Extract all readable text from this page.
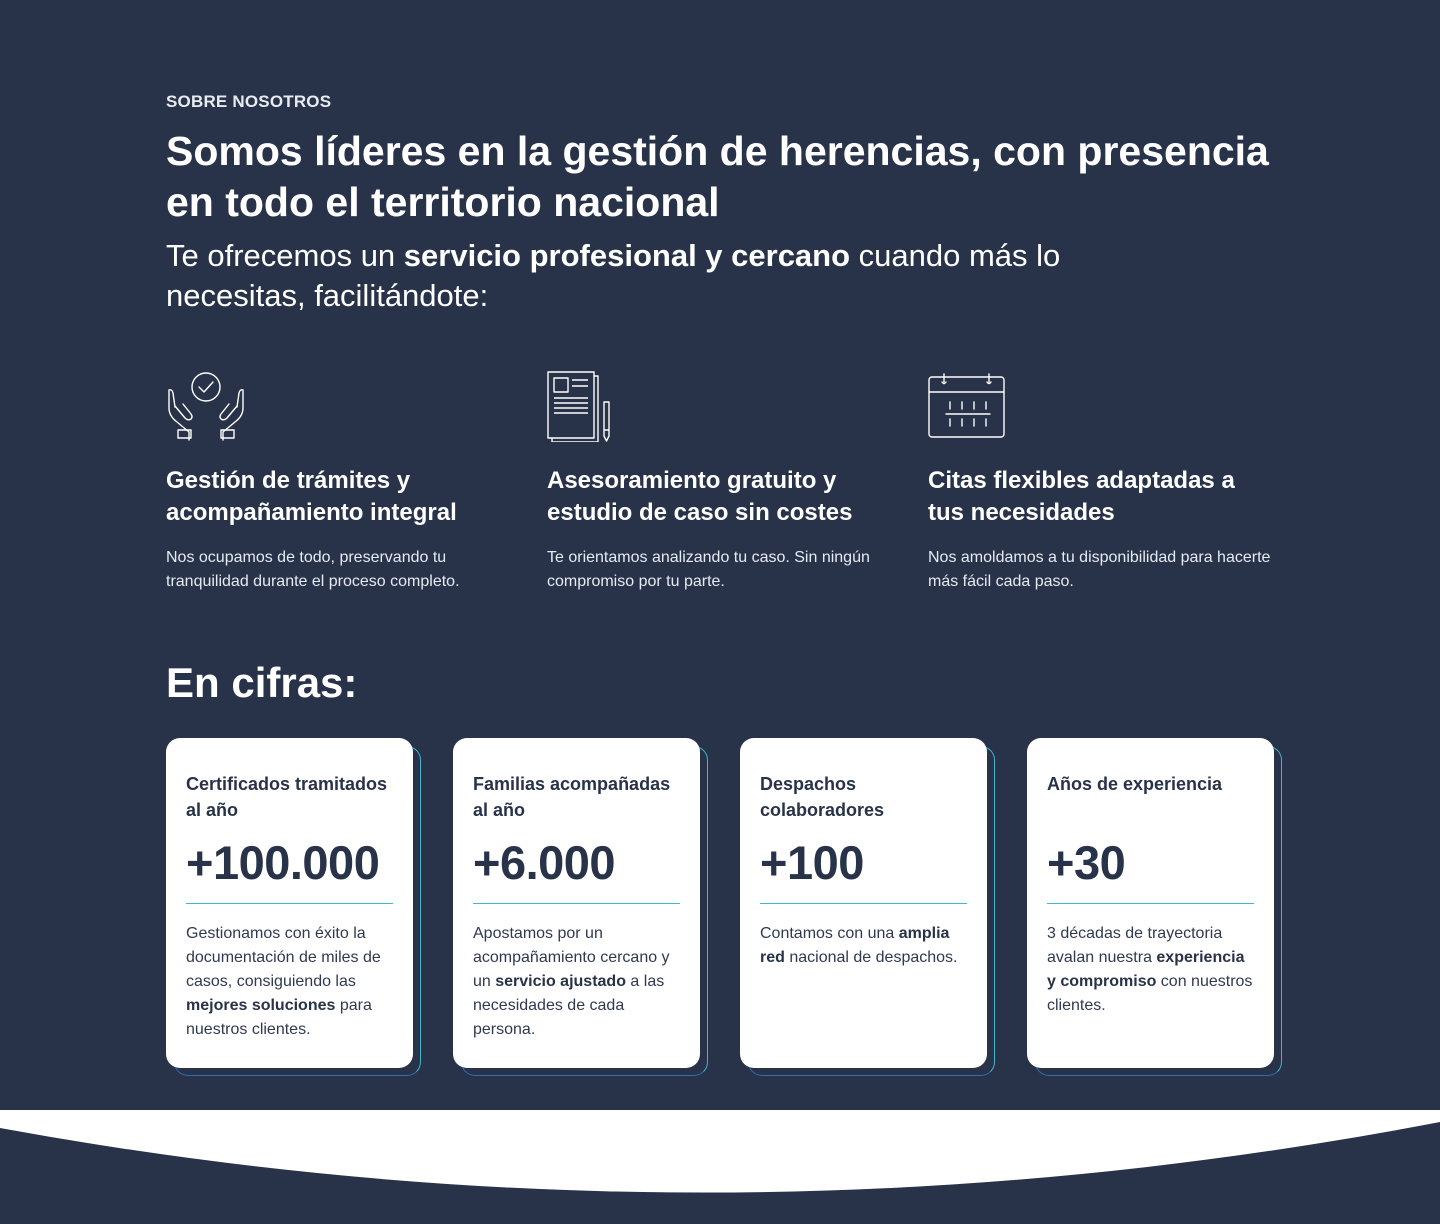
SOBRE NOSOTROS
Somos líderes en la gestión de herencias, con presencia en todo el territorio nacional

Te ofrecemos un servicio profesional y cercano cuando más lo necesitas, facilitándote:

Gestión de trámites y acompañamiento integral

Nos ocupamos de todo, preservando tu tranquilidad durante el proceso completo.

Asesoramiento gratuito y estudio de caso sin costes

Te orientamos analizando tu caso. Sin ningún compromiso por tu parte.

Citas flexibles adaptadas a tus necesidades

Nos amoldamos a tu disponibilidad para hacerte más fácil cada paso.

En cifras:
Certificados tramitados al año
+100.000
Gestionamos con éxito la documentación de miles de casos, consiguiendo las mejores soluciones para nuestros clientes.
Familias acompañadas al año
+6.000
Apostamos por un acompañamiento cercano y un servicio ajustado a las necesidades de cada persona.
Despachos colaboradores
+100
Contamos con una amplia red nacional de despachos.
Años de experiencia
+30
3 décadas de trayectoria avalan nuestra experiencia y compromiso con nuestros clientes.
